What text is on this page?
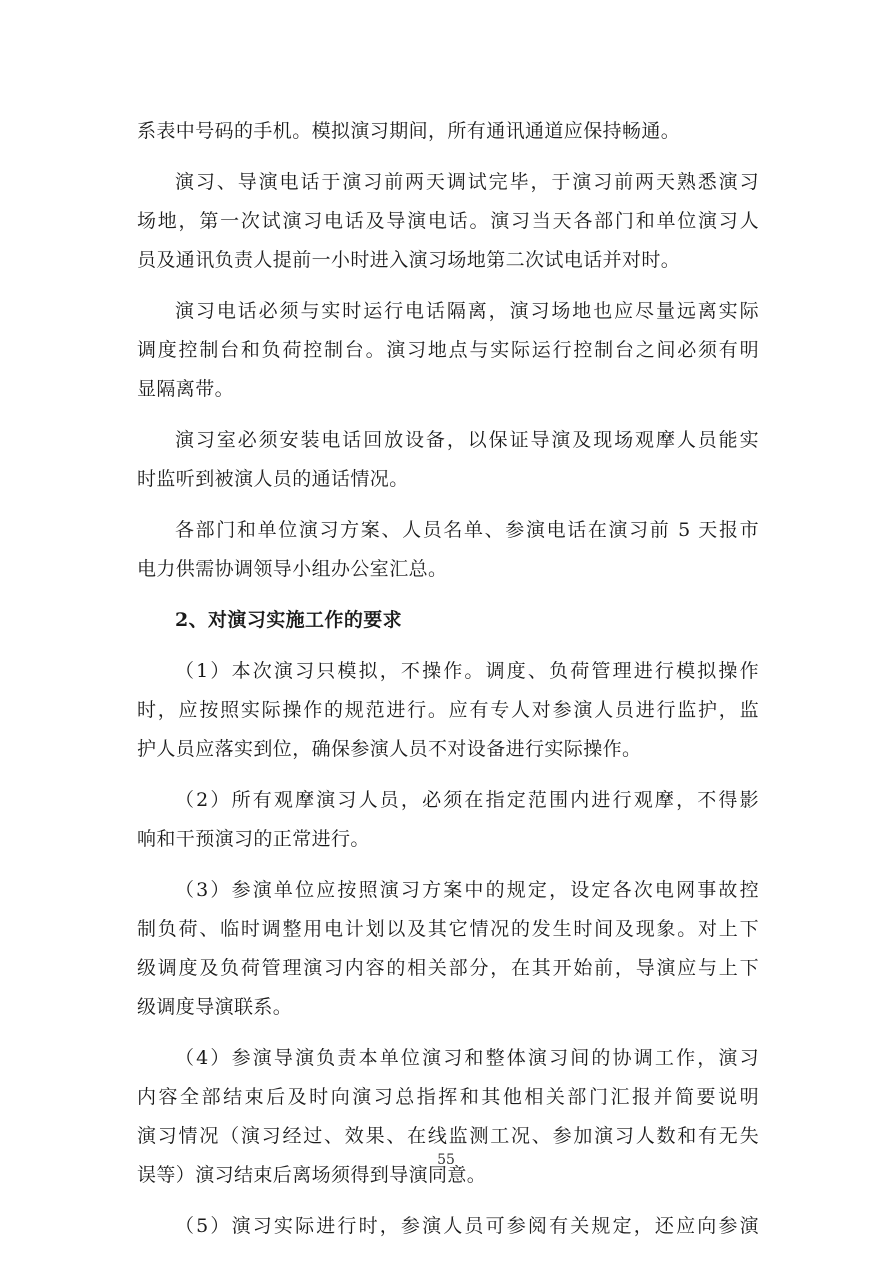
系表中号码的手机。模拟演习期间，所有通讯通道应保持畅通。
演习、导演电话于演习前两天调试完毕，于演习前两天熟悉演习
场地，第一次试演习电话及导演电话。演习当天各部门和单位演习人
员及通讯负责人提前一小时进入演习场地第二次试电话并对时。
演习电话必须与实时运行电话隔离，演习场地也应尽量远离实际
调度控制台和负荷控制台。演习地点与实际运行控制台之间必须有明
显隔离带。
演习室必须安装电话回放设备，以保证导演及现场观摩人员能实
时监听到被演人员的通话情况。
各部门和单位演习方案、人员名单、参演电话在演习前 5 天报市
电力供需协调领导小组办公室汇总。
2、对演习实施工作的要求
（1）本次演习只模拟，不操作。调度、负荷管理进行模拟操作
时，应按照实际操作的规范进行。应有专人对参演人员进行监护，监
护人员应落实到位，确保参演人员不对设备进行实际操作。
（2）所有观摩演习人员，必须在指定范围内进行观摩，不得影
响和干预演习的正常进行。
（3）参演单位应按照演习方案中的规定，设定各次电网事故控
制负荷、临时调整用电计划以及其它情况的发生时间及现象。对上下
级调度及负荷管理演习内容的相关部分，在其开始前，导演应与上下
级调度导演联系。
（4）参演导演负责本单位演习和整体演习间的协调工作，演习
内容全部结束后及时向演习总指挥和其他相关部门汇报并简要说明
演习情况（演习经过、效果、在线监测工况、参加演习人数和有无失
误等）演习结束后离场须得到导演同意。
（5）演习实际进行时，参演人员可参阅有关规定，还应向参演
55
